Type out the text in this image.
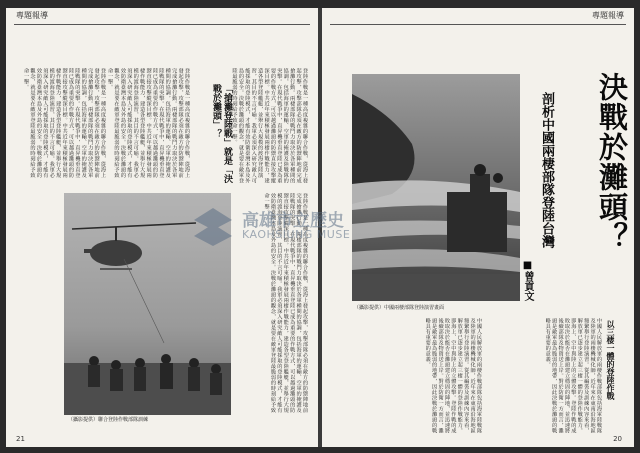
專題報導
登陸作戰是一種高度複雜的聯合作戰，從海上發起攻擊，攻擊部隊必須在敵方的防禦陣地前完成搶灘行動。兩棲部隊的戰鬥力取決於各軍種間的協調，包括海軍的運輸、空軍的掩護及陸戰隊的突擊。在現代戰爭中，直昇機垂直登陸已成為重要的作戰方式，可以越過灘頭的防禦直接攻擊縱深目標。中共近年來積極發展兩棲作戰能力，建造各型登陸艦艇，並舉行大規模的渡海登陸演習，其目的不言可喻。我軍必須深入研究敵人可能採取的登陸模式，才能有效防衛臺灣本島及外島的安全。決戰於灘頭的觀念，就是要在敵軍登陸最脆弱的時刻給予致命一擊。	登陸作戰是一種高度複雜的聯合作戰，從海上發起攻擊，攻擊部隊必須在敵方的防禦陣地前完成搶灘行動。兩棲部隊的戰鬥力取決於各軍種間的協調，包括海軍的運輸、空軍的掩護及陸戰隊的突擊。在現代戰爭中，直昇機垂直登陸已成為重要的作戰方式，可以越過灘頭的防禦直接攻擊縱深目標。中共近年來積極發展兩棲作戰能力，建造各型登陸艦艇，並舉行大規模的渡海登陸演習，其目的不言可喻。我軍必須深入研究敵人可能採取的登陸模式，才能有效防衛臺灣本島及外島的安全。決戰於灘頭的觀念，就是要在敵軍登陸最脆弱的時刻給予致命一擊。	登陸作戰是一種高度複雜的聯合作戰，從海上發起攻擊，攻擊部隊必須在敵方的防禦陣地前完成搶灘行動。兩棲部隊的戰鬥力取決於各軍種間的協調，包括海軍的運輸、空軍的掩護及陸戰隊的突擊。在現代戰爭中，直昇機垂直登陸已成為重要的作戰方式，可以越過灘頭的防禦直接攻擊縱深目標。中共近年來積極發展兩棲作戰能力，建造各型登陸艦艇，並舉行大規模的渡海登陸演習，其目的不言可喻。我軍必須深入研究敵人可能採取的登陸模式，才能有效防衛臺灣本島及外島的安全。決戰於灘頭的觀念，就是要在敵軍登陸最脆弱的時刻給予致命一擊。
「搶灘登陸戰」就是「決戰於灘頭」？
（攝影提供）聯合登陸作戰部隊訓練
登陸作戰是一種高度複雜的聯合作戰，從海上發起攻擊，攻擊部隊必須在敵方的防禦陣地前完成搶灘行動。兩棲部隊的戰鬥力取決於各軍種間的協調，包括海軍的運輸、空軍的掩護及陸戰隊的突擊。在現代戰爭中，直昇機垂直登陸已成為重要的作戰方式，可以越過灘頭的防禦直接攻擊縱深目標。中共近年來積極發展兩棲作戰能力，建造各型登陸艦艇，並舉行大規模的渡海登陸演習，其目的不言可喻。我軍必須深入研究敵人可能採取的登陸模式，才能有效防衛臺灣本島及外島的安全。決戰於灘頭的觀念，就是要在敵軍登陸最脆弱的時刻給予致命一擊。
21
專題報導
（攝影提供）中國兩棲部隊登陸演習畫面
決戰於灘頭？
剖析中國兩棲部隊登陸台灣
■曾貢文
以三棲一體的登陸作戰
中國人民解放軍的兩棲作戰部隊包括海軍陸戰隊及陸軍的兩棲機械化師，近年來在東南沿海地區頻繁舉行登陸演習。從其編裝及訓練內容來看，解放軍已逐步建立起三棲一體的登陸作戰能力，即海上、空中與陸上的立體攻擊。登陸作戰的成敗取決於能否在灘頭建立穩固的陣地，並迅速將後續部隊及物資送上岸。對於防衛一方而言，灘頭是敵軍最為脆弱的地帶，因此決戰於灘頭的戰略具有重要的意義。	中國人民解放軍的兩棲作戰部隊包括海軍陸戰隊及陸軍的兩棲機械化師，近年來在東南沿海地區頻繁舉行登陸演習。從其編裝及訓練內容來看，解放軍已逐步建立起三棲一體的登陸作戰能力，即海上、空中與陸上的立體攻擊。登陸作戰的成敗取決於能否在灘頭建立穩固的陣地，並迅速將後續部隊及物資送上岸。對於防衛一方而言，灘頭是敵軍最為脆弱的地帶，因此決戰於灘頭的戰略具有重要的意義。
20
高雄市立歷史
KAOHSIUNG MUSE
